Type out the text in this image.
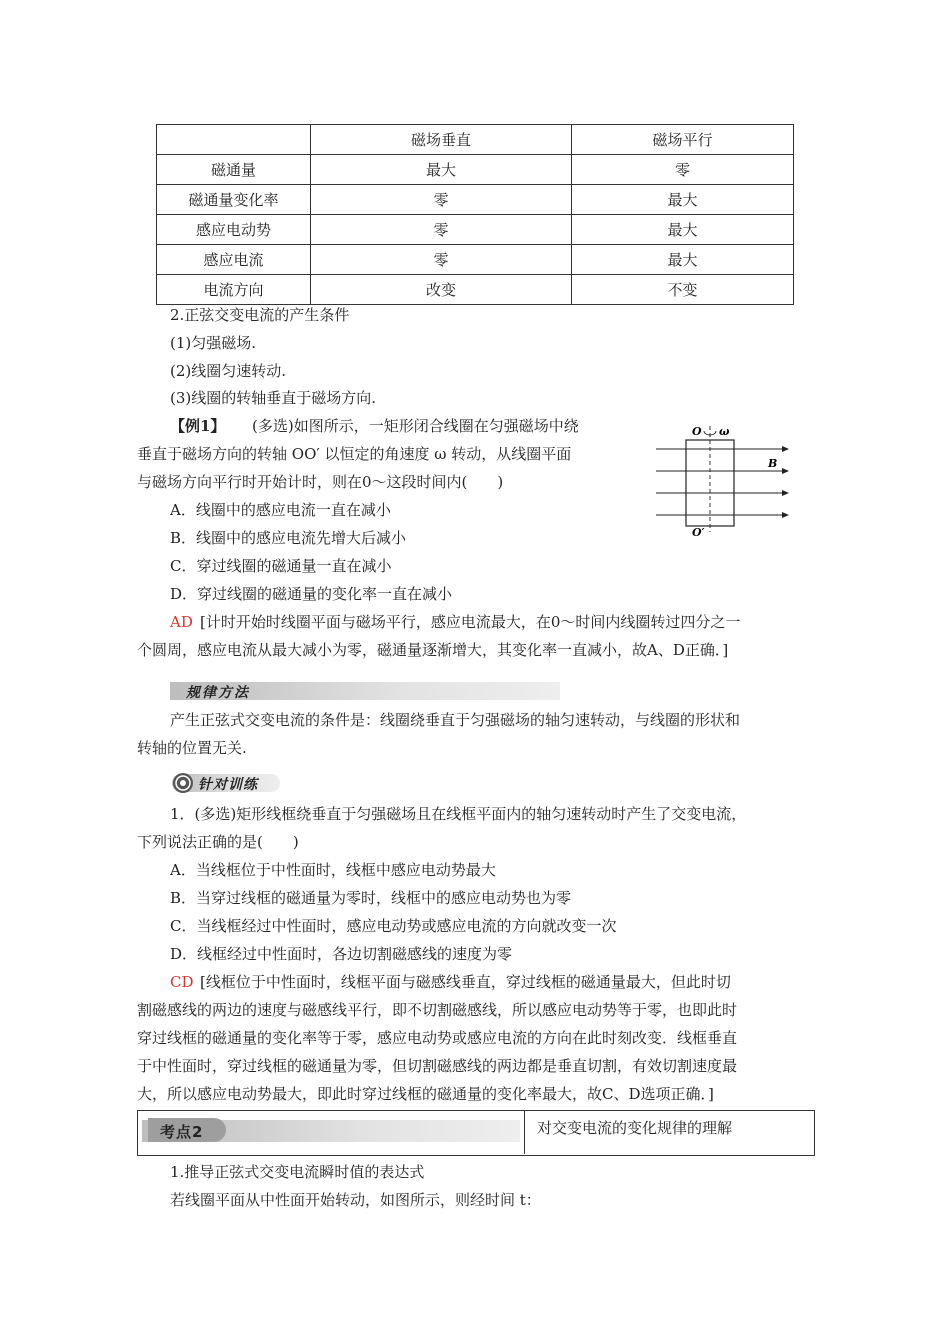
	磁场垂直	磁场平行
磁通量	最大	零
磁通量变化率	零	最大
感应电动势	零	最大
感应电流	零	最大
电流方向	改变	不变
2.正弦交变电流的产生条件
(1)匀强磁场.
(2)线圈匀速转动.
(3)线圈的转轴垂直于磁场方向.
【例1】 (多选)如图所示，一矩形闭合线圈在匀强磁场中绕
垂直于磁场方向的转轴 OO′ 以恒定的角速度 ω 转动，从线圈平面
与磁场方向平行时开始计时，则在0～这段时间内(　　)
A．线圈中的感应电流一直在减小
B．线圈中的感应电流先增大后减小
C．穿过线圈的磁通量一直在减小
D．穿过线圈的磁通量的变化率一直在减小
O ω
B
O′
AD [计时开始时线圈平面与磁场平行，感应电流最大，在0～时间内线圈转过四分之一
个圆周，感应电流从最大减小为零，磁通量逐渐增大，其变化率一直减小，故A、D正确．]
规律方法
产生正弦式交变电流的条件是：线圈绕垂直于匀强磁场的轴匀速转动，与线圈的形状和
转轴的位置无关.
针对训练
1．(多选)矩形线框绕垂直于匀强磁场且在线框平面内的轴匀速转动时产生了交变电流，
下列说法正确的是(　　)
A．当线框位于中性面时，线框中感应电动势最大
B．当穿过线框的磁通量为零时，线框中的感应电动势也为零
C．当线框经过中性面时，感应电动势或感应电流的方向就改变一次
D．线框经过中性面时，各边切割磁感线的速度为零
CD [线框位于中性面时，线框平面与磁感线垂直，穿过线框的磁通量最大，但此时切
割磁感线的两边的速度与磁感线平行，即不切割磁感线，所以感应电动势等于零，也即此时
穿过线框的磁通量的变化率等于零，感应电动势或感应电流的方向在此时刻改变．线框垂直
于中性面时，穿过线框的磁通量为零，但切割磁感线的两边都是垂直切割，有效切割速度最
大，所以感应电动势最大，即此时穿过线框的磁通量的变化率最大，故C、D选项正确．]
考点2	对交变电流的变化规律的理解
1.推导正弦式交变电流瞬时值的表达式
若线圈平面从中性面开始转动，如图所示，则经时间 t：
